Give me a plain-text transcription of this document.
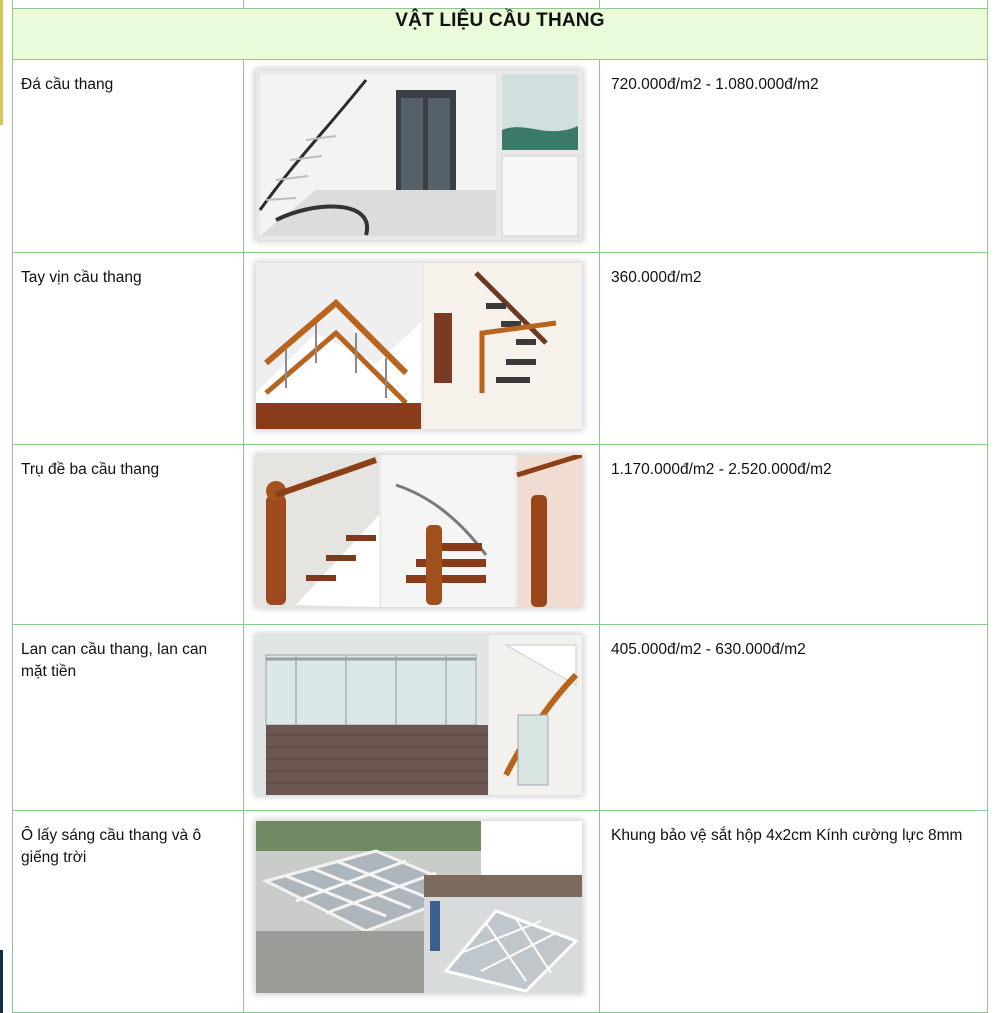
VẬT LIỆU CẦU THANG		
Đá cầu thang		720.000đ/m2 - 1.080.000đ/m2
Tay vịn cầu thang		360.000đ/m2
Trụ đề ba cầu thang		1.170.000đ/m2 - 2.520.000đ/m2
Lan can cầu thang, lan can mặt tiền		405.000đ/m2 - 630.000đ/m2
Ô lấy sáng cầu thang và ô giếng trời		Khung bảo vệ sắt hộp 4x2cm Kính cường lực 8mm
